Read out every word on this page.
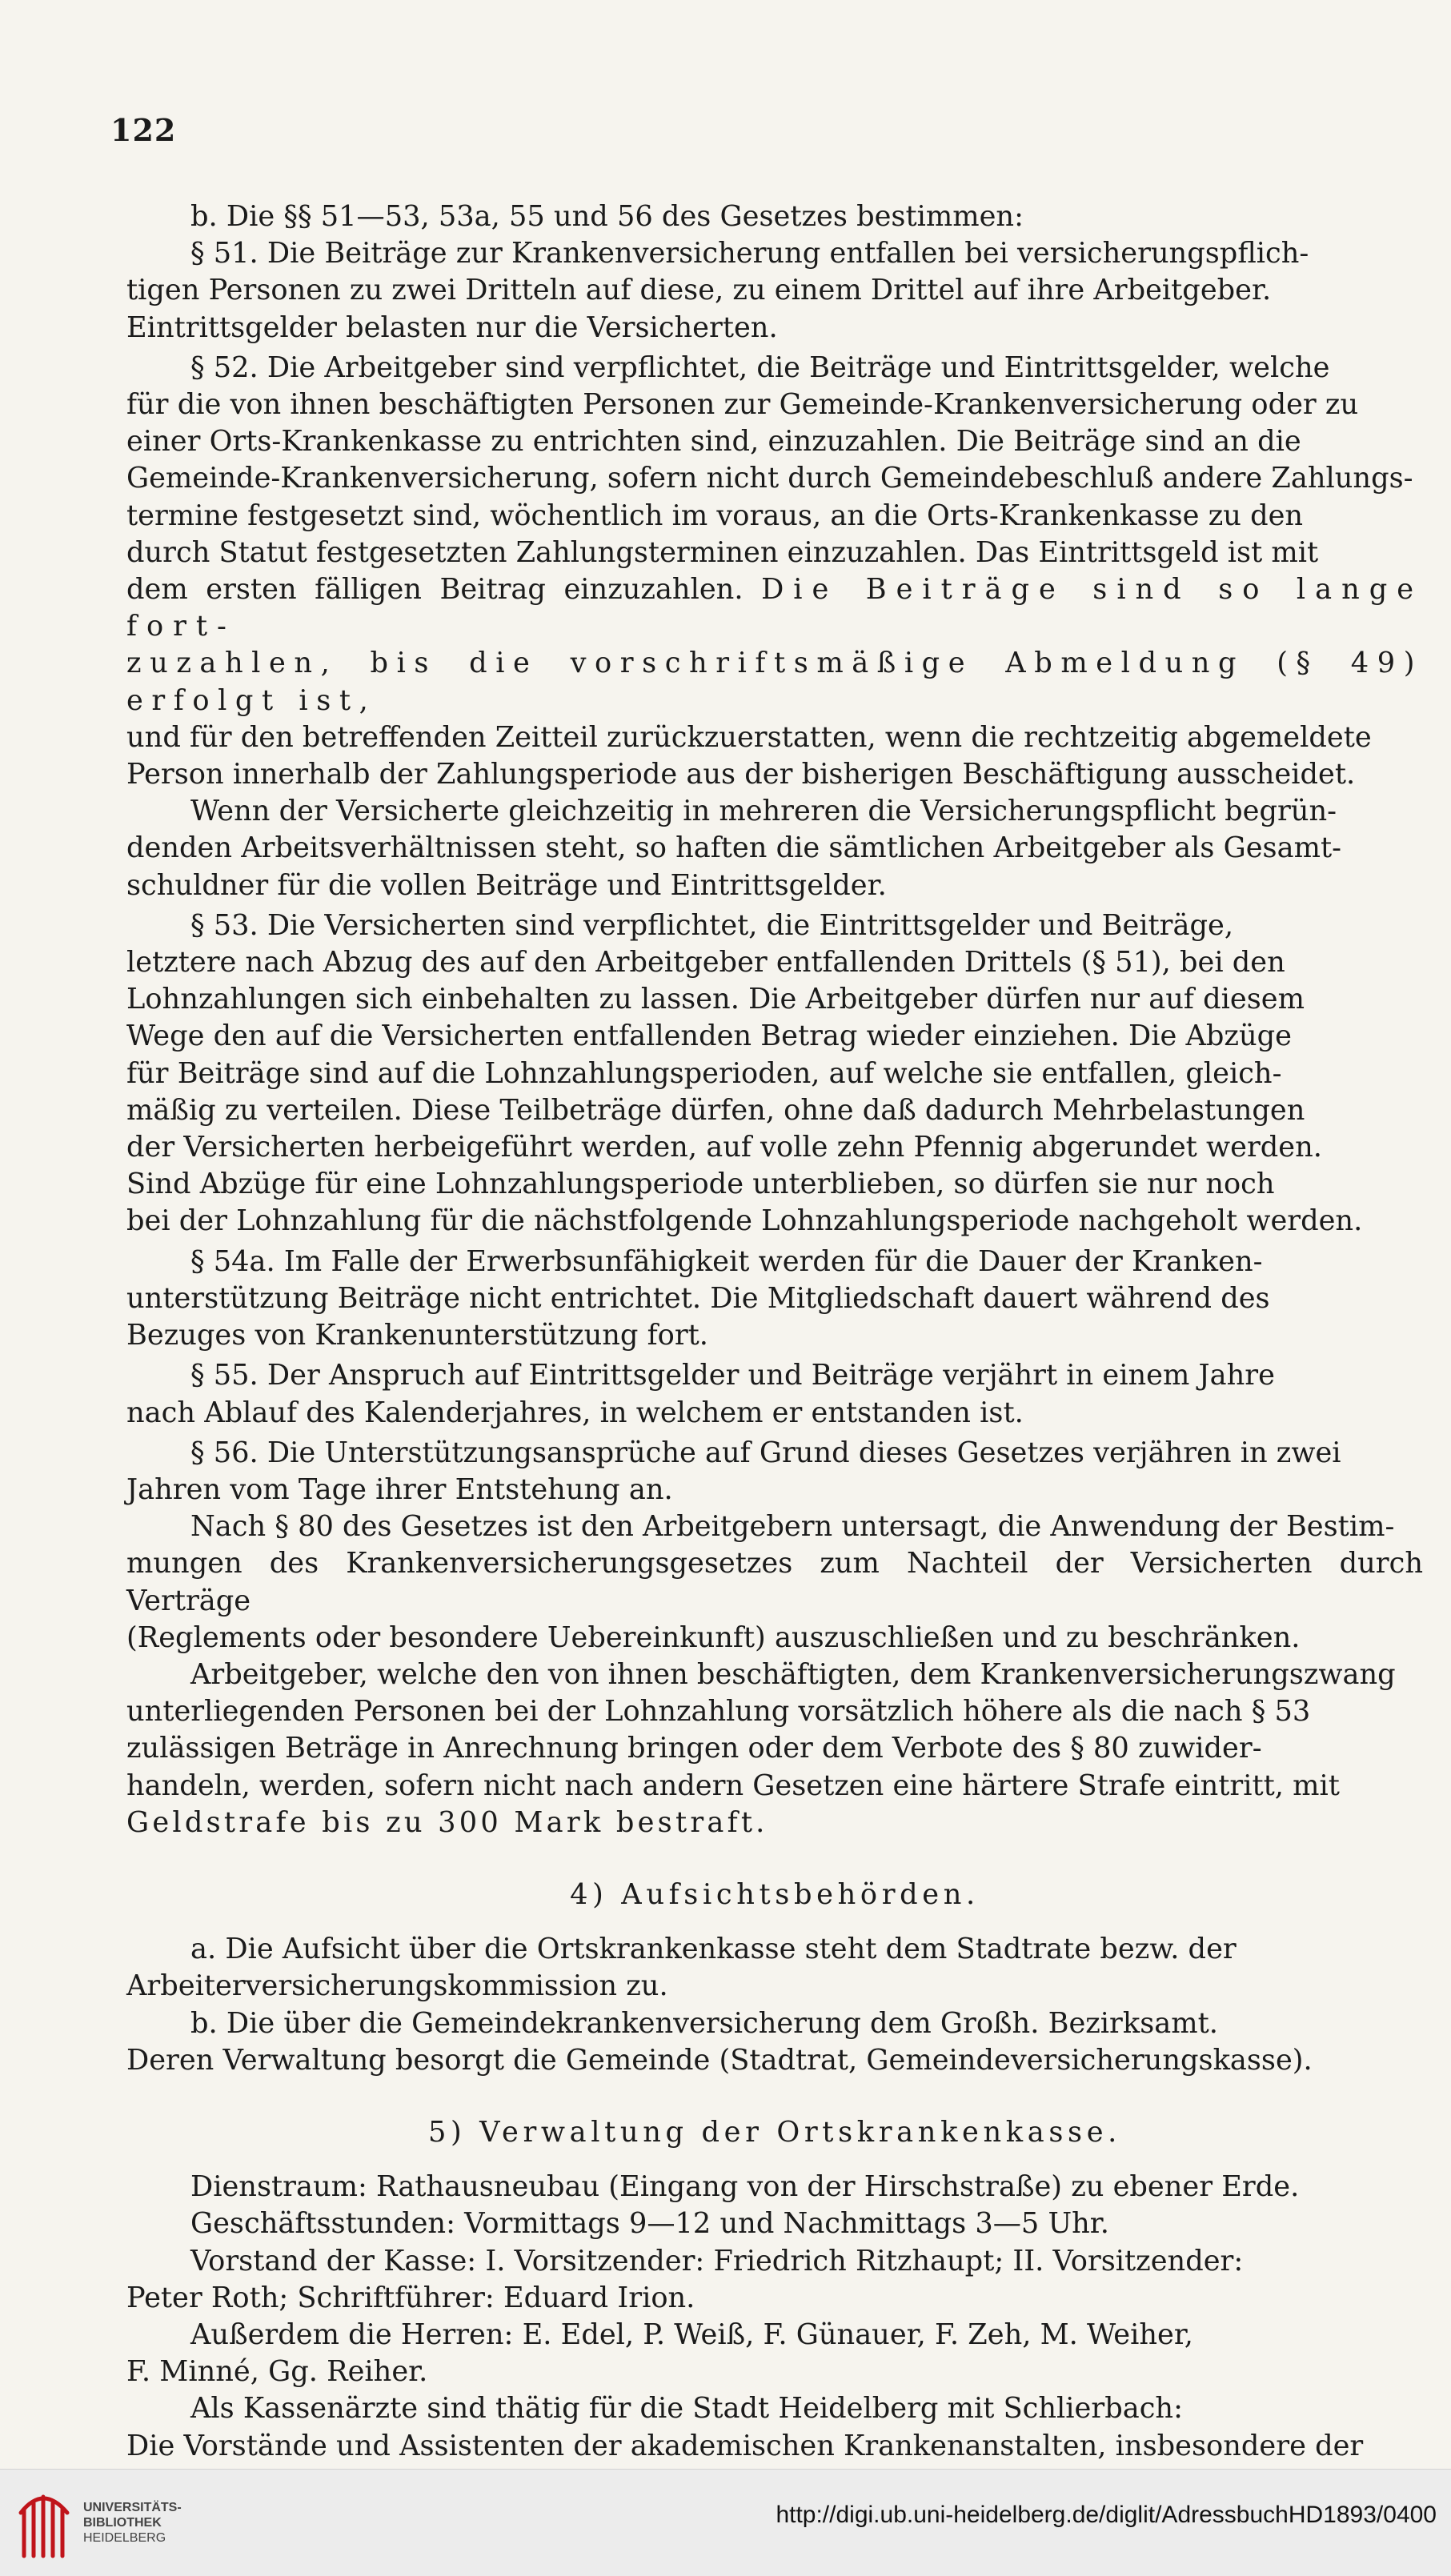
122

b. Die §§ 51—53, 53a, 55 und 56 des Gesetzes bestimmen:

§ 51. Die Beiträge zur Krankenversicherung entfallen bei versicherungspflich-

tigen Personen zu zwei Dritteln auf diese, zu einem Drittel auf ihre Arbeitgeber.

Eintrittsgelder belasten nur die Versicherten.

§ 52. Die Arbeitgeber sind verpflichtet, die Beiträge und Eintrittsgelder, welche

für die von ihnen beschäftigten Personen zur Gemeinde-Krankenversicherung oder zu

einer Orts-Krankenkasse zu entrichten sind, einzuzahlen. Die Beiträge sind an die

Gemeinde-Krankenversicherung, sofern nicht durch Gemeindebeschluß andere Zahlungs-

termine festgesetzt sind, wöchentlich im voraus, an die Orts-Krankenkasse zu den

durch Statut festgesetzten Zahlungsterminen einzuzahlen. Das Eintrittsgeld ist mit

dem ersten fälligen Beitrag einzuzahlen. Die Beiträge sind so lange fort-

zuzahlen, bis die vorschriftsmäßige Abmeldung (§ 49) erfolgt ist,

und für den betreffenden Zeitteil zurückzuerstatten, wenn die rechtzeitig abgemeldete

Person innerhalb der Zahlungsperiode aus der bisherigen Beschäftigung ausscheidet.

Wenn der Versicherte gleichzeitig in mehreren die Versicherungspflicht begrün-

denden Arbeitsverhältnissen steht, so haften die sämtlichen Arbeitgeber als Gesamt-

schuldner für die vollen Beiträge und Eintrittsgelder.

§ 53. Die Versicherten sind verpflichtet, die Eintrittsgelder und Beiträge,

letztere nach Abzug des auf den Arbeitgeber entfallenden Drittels (§ 51), bei den

Lohnzahlungen sich einbehalten zu lassen. Die Arbeitgeber dürfen nur auf diesem

Wege den auf die Versicherten entfallenden Betrag wieder einziehen. Die Abzüge

für Beiträge sind auf die Lohnzahlungsperioden, auf welche sie entfallen, gleich-

mäßig zu verteilen. Diese Teilbeträge dürfen, ohne daß dadurch Mehrbelastungen

der Versicherten herbeigeführt werden, auf volle zehn Pfennig abgerundet werden.

Sind Abzüge für eine Lohnzahlungsperiode unterblieben, so dürfen sie nur noch

bei der Lohnzahlung für die nächstfolgende Lohnzahlungsperiode nachgeholt werden.

§ 54a. Im Falle der Erwerbsunfähigkeit werden für die Dauer der Kranken-

unterstützung Beiträge nicht entrichtet. Die Mitgliedschaft dauert während des

Bezuges von Krankenunterstützung fort.

§ 55. Der Anspruch auf Eintrittsgelder und Beiträge verjährt in einem Jahre

nach Ablauf des Kalenderjahres, in welchem er entstanden ist.

§ 56. Die Unterstützungsansprüche auf Grund dieses Gesetzes verjähren in zwei

Jahren vom Tage ihrer Entstehung an.

Nach § 80 des Gesetzes ist den Arbeitgebern untersagt, die Anwendung der Bestim-

mungen des Krankenversicherungsgesetzes zum Nachteil der Versicherten durch Verträge

(Reglements oder besondere Uebereinkunft) auszuschließen und zu beschränken.

Arbeitgeber, welche den von ihnen beschäftigten, dem Krankenversicherungszwang

unterliegenden Personen bei der Lohnzahlung vorsätzlich höhere als die nach § 53

zulässigen Beträge in Anrechnung bringen oder dem Verbote des § 80 zuwider-

handeln, werden, sofern nicht nach andern Gesetzen eine härtere Strafe eintritt, mit

Geldstrafe bis zu 300 Mark bestraft.

4) Aufsichtsbehörden.

a. Die Aufsicht über die Ortskrankenkasse steht dem Stadtrate bezw. der

Arbeiterversicherungskommission zu.

b. Die über die Gemeindekrankenversicherung dem Großh. Bezirksamt.

Deren Verwaltung besorgt die Gemeinde (Stadtrat, Gemeindeversicherungskasse).

5) Verwaltung der Ortskrankenkasse.

Dienstraum: Rathausneubau (Eingang von der Hirschstraße) zu ebener Erde.

Geschäftsstunden: Vormittags 9—12 und Nachmittags 3—5 Uhr.

Vorstand der Kasse: I. Vorsitzender: Friedrich Ritzhaupt; II. Vorsitzender:

Peter Roth; Schriftführer: Eduard Irion.

Außerdem die Herren: E. Edel, P. Weiß, F. Günauer, F. Zeh, M. Weiher,

F. Minné, Gg. Reiher.

Als Kassenärzte sind thätig für die Stadt Heidelberg mit Schlierbach:

Die Vorstände und Assistenten der akademischen Krankenanstalten, insbesondere der

UNIVERSITÄTS-
BIBLIOTHEK
HEIDELBERG
http://digi.ub.uni-heidelberg.de/diglit/AdressbuchHD1893/0400
